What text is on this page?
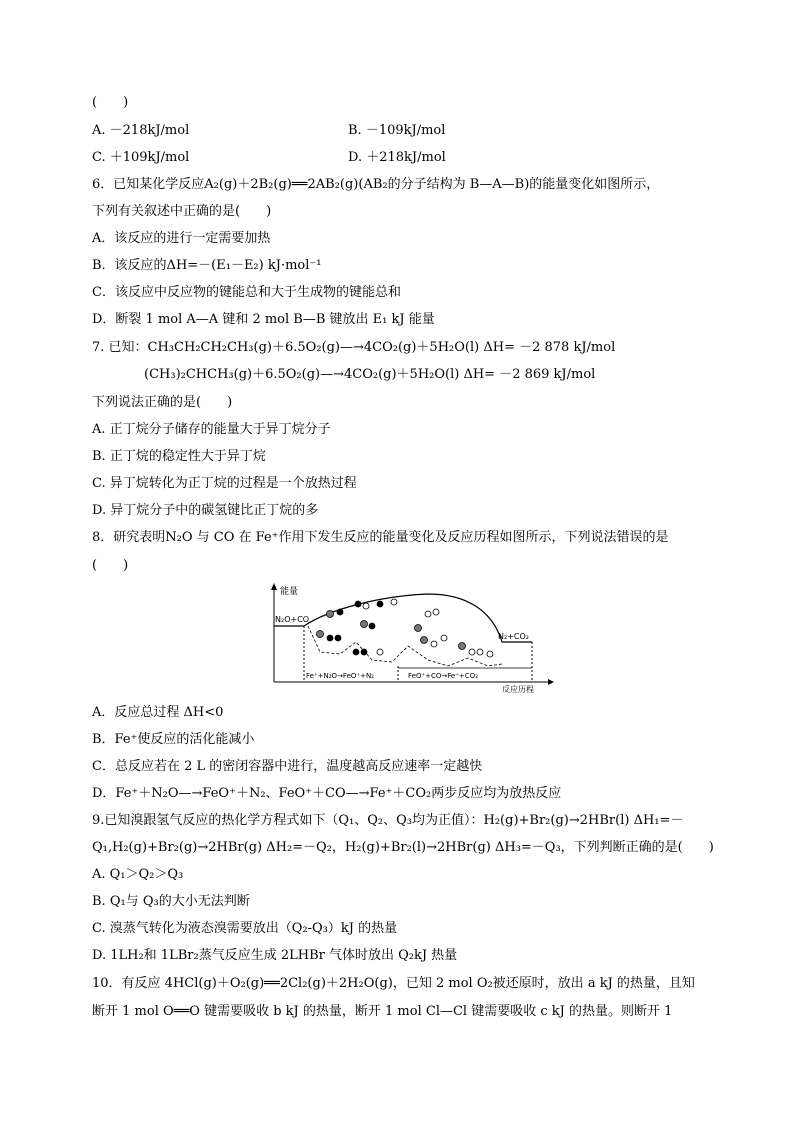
(　　)
A. －218kJ/mol	B. －109kJ/mol
C. ＋109kJ/mol	D. ＋218kJ/mol
6．已知某化学反应A₂(g)＋2B₂(g)══2AB₂(g)(AB₂的分子结构为 B—A—B)的能量变化如图所示，
下列有关叙述中正确的是(　　)
A．该反应的进行一定需要加热
B．该反应的ΔH=－(E₁－E₂) kJ·mol⁻¹
C．该反应中反应物的键能总和大于生成物的键能总和
D．断裂 1 mol A—A 键和 2 mol B—B 键放出 E₁ kJ 能量
7. 已知：CH₃CH₂CH₂CH₃(g)＋6.5O₂(g)—→4CO₂(g)＋5H₂O(l) ΔH= －2 878 kJ/mol
(CH₃)₂CHCH₃(g)＋6.5O₂(g)—→4CO₂(g)＋5H₂O(l) ΔH= －2 869 kJ/mol
下列说法正确的是(　　)
A. 正丁烷分子储存的能量大于异丁烷分子
B. 正丁烷的稳定性大于异丁烷
C. 异丁烷转化为正丁烷的过程是一个放热过程
D. 异丁烷分子中的碳氢键比正丁烷的多
8．研究表明N₂O 与 CO 在 Fe⁺作用下发生反应的能量变化及反应历程如图所示，下列说法错误的是
(　　)
能量
反应历程
N₂O+CO
N₂+CO₂
Fe⁺+N₂O→FeO⁺+N₂	FeO⁺+CO→Fe⁺+CO₂
A．反应总过程 ΔH<0
B．Fe⁺使反应的活化能减小
C．总反应若在 2 L 的密闭容器中进行，温度越高反应速率一定越快
D．Fe⁺＋N₂O—→FeO⁺＋N₂、FeO⁺＋CO—→Fe⁺＋CO₂两步反应均为放热反应
9.已知溴跟氢气反应的热化学方程式如下（Q₁、Q₂、Q₃均为正值）：H₂(g)+Br₂(g)→2HBr(l) ΔH₁=－
Q₁,H₂(g)+Br₂(g)→2HBr(g) ΔH₂=－Q₂，H₂(g)+Br₂(l)→2HBr(g) ΔH₃=－Q₃，下列判断正确的是(　　)
A. Q₁＞Q₂＞Q₃
B. Q₁与 Q₃的大小无法判断
C. 溴蒸气转化为液态溴需要放出（Q₂-Q₃）kJ 的热量
D. 1LH₂和 1LBr₂蒸气反应生成 2LHBr 气体时放出 Q₂kJ 热量
10．有反应 4HCl(g)＋O₂(g)══2Cl₂(g)＋2H₂O(g)，已知 2 mol O₂被还原时，放出 a kJ 的热量，且知
断开 1 mol O══O 键需要吸收 b kJ 的热量，断开 1 mol Cl—Cl 键需要吸收 c kJ 的热量。则断开 1
